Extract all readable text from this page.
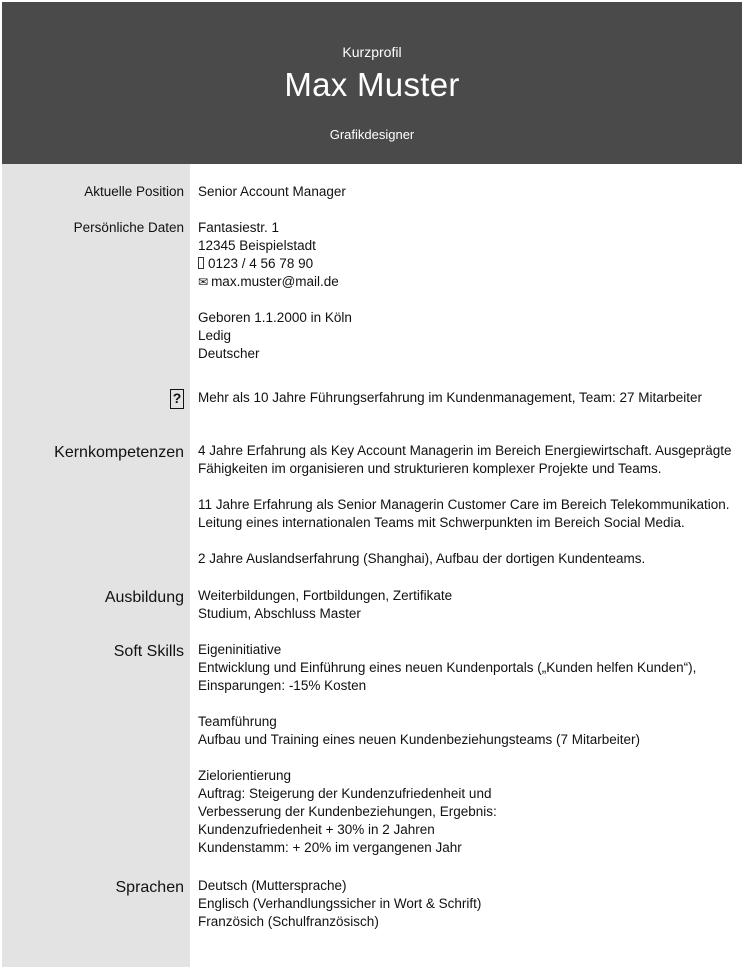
Kurzprofil
Max Muster
Grafikdesigner
Aktuelle Position Senior Account Manager
Persönliche Daten Fantasiestr. 1
12345 Beispielstadt
0123 / 4 56 78 90
✉ max.muster@mail.de
Geboren 1.1.2000 in Köln
Ledig
Deutscher
? Mehr als 10 Jahre Führungserfahrung im Kundenmanagement, Team: 27 Mitarbeiter
Kernkompetenzen 4 Jahre Erfahrung als Key Account Managerin im Bereich Energiewirtschaft. Ausgeprägte
Fähigkeiten im organisieren und strukturieren komplexer Projekte und Teams.
11 Jahre Erfahrung als Senior Managerin Customer Care im Bereich Telekommunikation.
Leitung eines internationalen Teams mit Schwerpunkten im Bereich Social Media.
2 Jahre Auslandserfahrung (Shanghai), Aufbau der dortigen Kundenteams.
Ausbildung Weiterbildungen, Fortbildungen, Zertifikate
Studium, Abschluss Master
Soft Skills Eigeninitiative
Entwicklung und Einführung eines neuen Kundenportals („Kunden helfen Kunden“),
Einsparungen: -15% Kosten
Teamführung
Aufbau und Training eines neuen Kundenbeziehungsteams (7 Mitarbeiter)
Zielorientierung
Auftrag: Steigerung der Kundenzufriedenheit und
Verbesserung der Kundenbeziehungen, Ergebnis:
Kundenzufriedenheit + 30% in 2 Jahren
Kundenstamm: + 20% im vergangenen Jahr
Sprachen Deutsch (Muttersprache)
Englisch (Verhandlungssicher in Wort & Schrift)
Französich (Schulfranzösisch)
